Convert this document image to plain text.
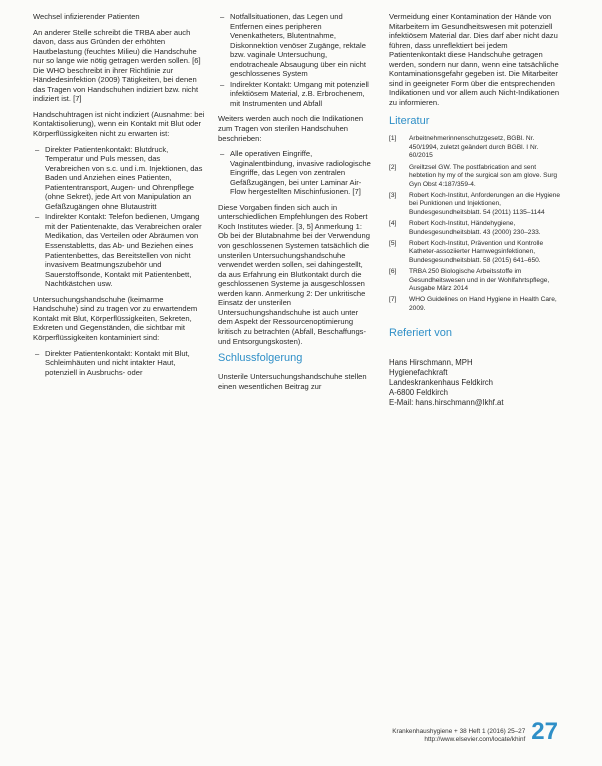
Wechsel infizierender Patienten

An anderer Stelle schreibt die TRBA aber auch davon, dass aus Gründen der erhöhten Hautbelastung (feuchtes Milieu) die Handschuhe nur so lange wie nötig getragen werden sollen. [6] Die WHO beschreibt in ihrer Richtlinie zur Händedesinfektion (2009) Tätigkeiten, bei denen das Tragen von Handschuhen indiziert bzw. nicht indiziert ist. [7]

Handschuhtragen ist nicht indiziert (Ausnahme: bei Kontaktisolierung), wenn ein Kontakt mit Blut oder Körperflüssigkeiten nicht zu erwarten ist:

– Direkter Patientenkontakt: Blutdruck, Temperatur und Puls messen, das Verabreichen von s.c. und i.m. Injektionen, das Baden und Anziehen eines Patienten, Patiententransport, Augen- und Ohrenpflege (ohne Sekret), jede Art von Manipulation an Gefäßzugängen ohne Blutaustritt
– Indirekter Kontakt: Telefon bedienen, Umgang mit der Patientenakte, das Verabreichen oraler Medikation, das Verteilen oder Abräumen von Essenstabletts, das Ab- und Beziehen eines Patientenbettes, das Bereitstellen von nicht invasivem Beatmungszubehör und Sauerstoffsonde, Kontakt mit Patientenbett, Nachtkästchen usw.

Untersuchungshandschuhe (keimarme Handschuhe) sind zu tragen vor zu erwartendem Kontakt mit Blut, Körperflüssigkeiten, Sekreten, Exkreten und Gegenständen, die sichtbar mit Körperflüssigkeiten kontaminiert sind:

– Direkter Patientenkontakt: Kontakt mit Blut, Schleimhäuten und nicht intakter Haut, potenziell in Ausbruchs- oder
– Notfallsituationen, das Legen und Entfernen eines peripheren Venenkatheters, Blutentnahme, Diskonnektion venöser Zugänge, rektale bzw. vaginale Untersuchung, endotracheale Absaugung über ein nicht geschlossenes System
– Indirekter Kontakt: Umgang mit potenziell infektiösem Material, z.B. Erbrochenem, mit Instrumenten und Abfall

Weiters werden auch noch die Indikationen zum Tragen von sterilen Handschuhen beschrieben:

– Alle operativen Eingriffe, Vaginalentbindung, invasive radiologische Eingriffe, das Legen von zentralen Gefäßzugängen, bei unter Laminar Air-Flow hergestellten Mischinfusionen. [7]

Diese Vorgaben finden sich auch in unterschiedlichen Empfehlungen des Robert Koch Institutes wieder. [3, 5] Anmerkung 1: Ob bei der Blutabnahme bei der Verwendung von geschlossenen Systemen tatsächlich die unsterilen Untersuchungshandschuhe verwendet werden sollen, sei dahingestellt, da aus Erfahrung ein Blutkontakt durch die geschlossenen Systeme ja ausgeschlossen werden kann. Anmerkung 2: Der unkritische Einsatz der unsterilen Untersuchungshandschuhe ist auch unter dem Aspekt der Ressourcenoptimierung kritisch zu betrachten (Abfall, Beschaffungs- und Entsorgungskosten).

Schlussfolgerung

Unsterile Untersuchungshandschuhe stellen einen wesentlichen Beitrag zur

Vermeidung einer Kontamination der Hände von Mitarbeitern im Gesundheitswesen mit potenziell infektiösem Material dar. Dies darf aber nicht dazu führen, dass unreflektiert bei jedem Patientenkontakt diese Handschuhe getragen werden, sondern nur dann, wenn eine tatsächliche Kontaminationsgefahr gegeben ist. Die Mitarbeiter sind in geeigneter Form über die entsprechenden Indikationen und vor allem auch Nicht-Indikationen zu informieren.

Literatur
[1] Arbeitnehmerinnenschutzgesetz, BGBl. Nr. 450/1994, zuletzt geändert durch BGBl. I Nr. 60/2015
[2] Greiltzsel GW. The postfabrication and sent hebtetion hy my of the surgical son am glove. Surg Gyn Obst 4:187/359-4.
[3] Robert Koch-Institut, Anforderungen an die Hygiene bei Punktionen und Injektionen, Bundesgesundheitsblatt. 54 (2011) 1135–1144
[4] Robert Koch-Institut, Händehygiene, Bundesgesundheitsblatt. 43 (2000) 230–233.
[5] Robert Koch-Institut, Prävention und Kontrolle Katheter-assoziierter Harnwegsinfektionen, Bundesgesundheitsblatt. 58 (2015) 641–650.
[6] TRBA 250 Biologische Arbeitsstoffe im Gesundheitswesen und in der Wohlfahrtspflege, Ausgabe März 2014
[7] WHO Guidelines on Hand Hygiene in Health Care, 2009.
Referiert von
Hans Hirschmann, MPH
Hygienefachkraft
Landeskrankenhaus Feldkirch
A-6800 Feldkirch
E-Mail: hans.hirschmann@lkhf.at
Krankenhaushygiene + 38 Heft 1 (2016) 25–27
http://www.elsevier.com/locate/khinf 27
